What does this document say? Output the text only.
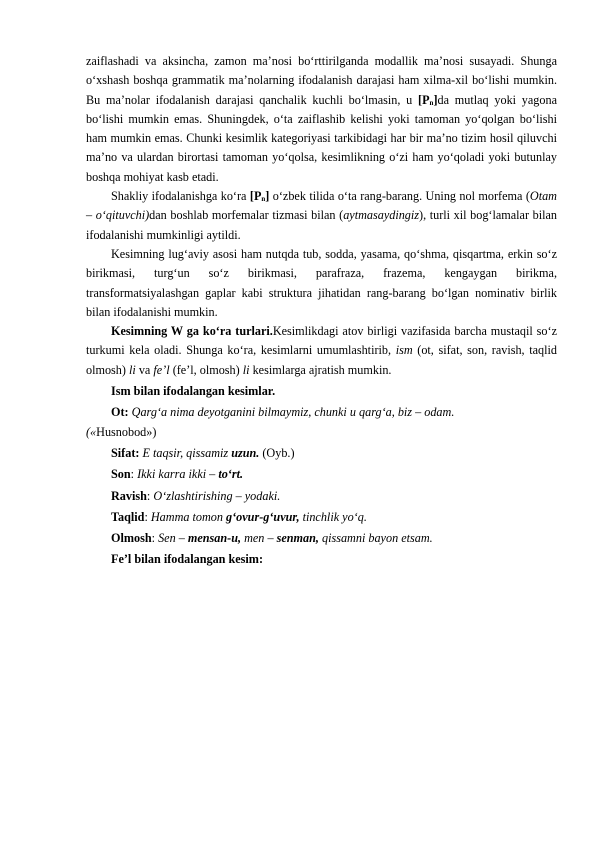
zaiflashadi va aksincha, zamon ma’nosi bo‘rttirilganda modallik ma’nosi susayadi. Shunga o‘xshash boshqa grammatik ma’nolarning ifodalanish darajasi ham xilma-xil bo‘lishi mumkin. Bu ma’nolar ifodalanish darajasi qanchalik kuchli bo‘lmasin, u $[P_n]da$ mutlaq yoki yagona bo‘lishi mumkin emas. Shuningdek, o‘ta zaiflashib kelishi yoki tamoman yo‘qolgan bo‘lishi ham mumkin emas. Chunki kesimlik kategoriyasi tarkibidagi har bir ma’no tizim hosil qiluvchi ma’no va ulardan birortasi tamoman yo‘qolsa, kesimlikning o‘zi ham yo‘qoladi yoki butunlay boshqa mohiyat kasb etadi.

Shakliy ifodalanishga ko‘ra $[P_n]$ o‘zbek tilida o‘ta rang-barang. Uning nol morfema (Otam – o‘qituvchi)dan boshlab morfemalar tizmasi bilan (aytmasaydingiz), turli xil bog‘lamalar bilan ifodalanishi mumkinligi aytildi.

Kesimning lug‘aviy asosi ham nutqda tub, sodda, yasama, qo‘shma, qisqartma, erkin so‘z birikmasi, turg‘un so‘z birikmasi, parafraza, frazema, kengaygan birikma, transformatsiyalashgan gaplar kabi struktura jihatidan rang-barang bo‘lgan nominativ birlik bilan ifodalanishi mumkin.

Kesimning W ga ko‘ra turlari.Kesimlikdagi atov birligi vazifasida barcha mustaqil so‘z turkumi kela oladi. Shunga ko‘ra, kesimlarni umumlashtirib, ism (ot, sifat, son, ravish, taqlid olmosh) li va fe’l (fe’l, olmosh) li kesimlarga ajratish mumkin.

Ism bilan ifodalangan kesimlar.
Ot: Qarg‘a nima deyotganini bilmaymiz, chunki u qarg‘a, biz – odam.
(«Husnobod»)
Sifat: E taqsir, qissamiz uzun. (Oyb.)
Son: Ikki karra ikki – to‘rt.
Ravish: O‘zlashtirishing – yodaki.
Taqlid: Hamma tomon g‘ovur-g‘uvur, tinchlik yo‘q.
Olmosh: Sen – mensan-u, men – senman, qissamni bayon etsam.
Fe’l bilan ifodalangan kesim:
